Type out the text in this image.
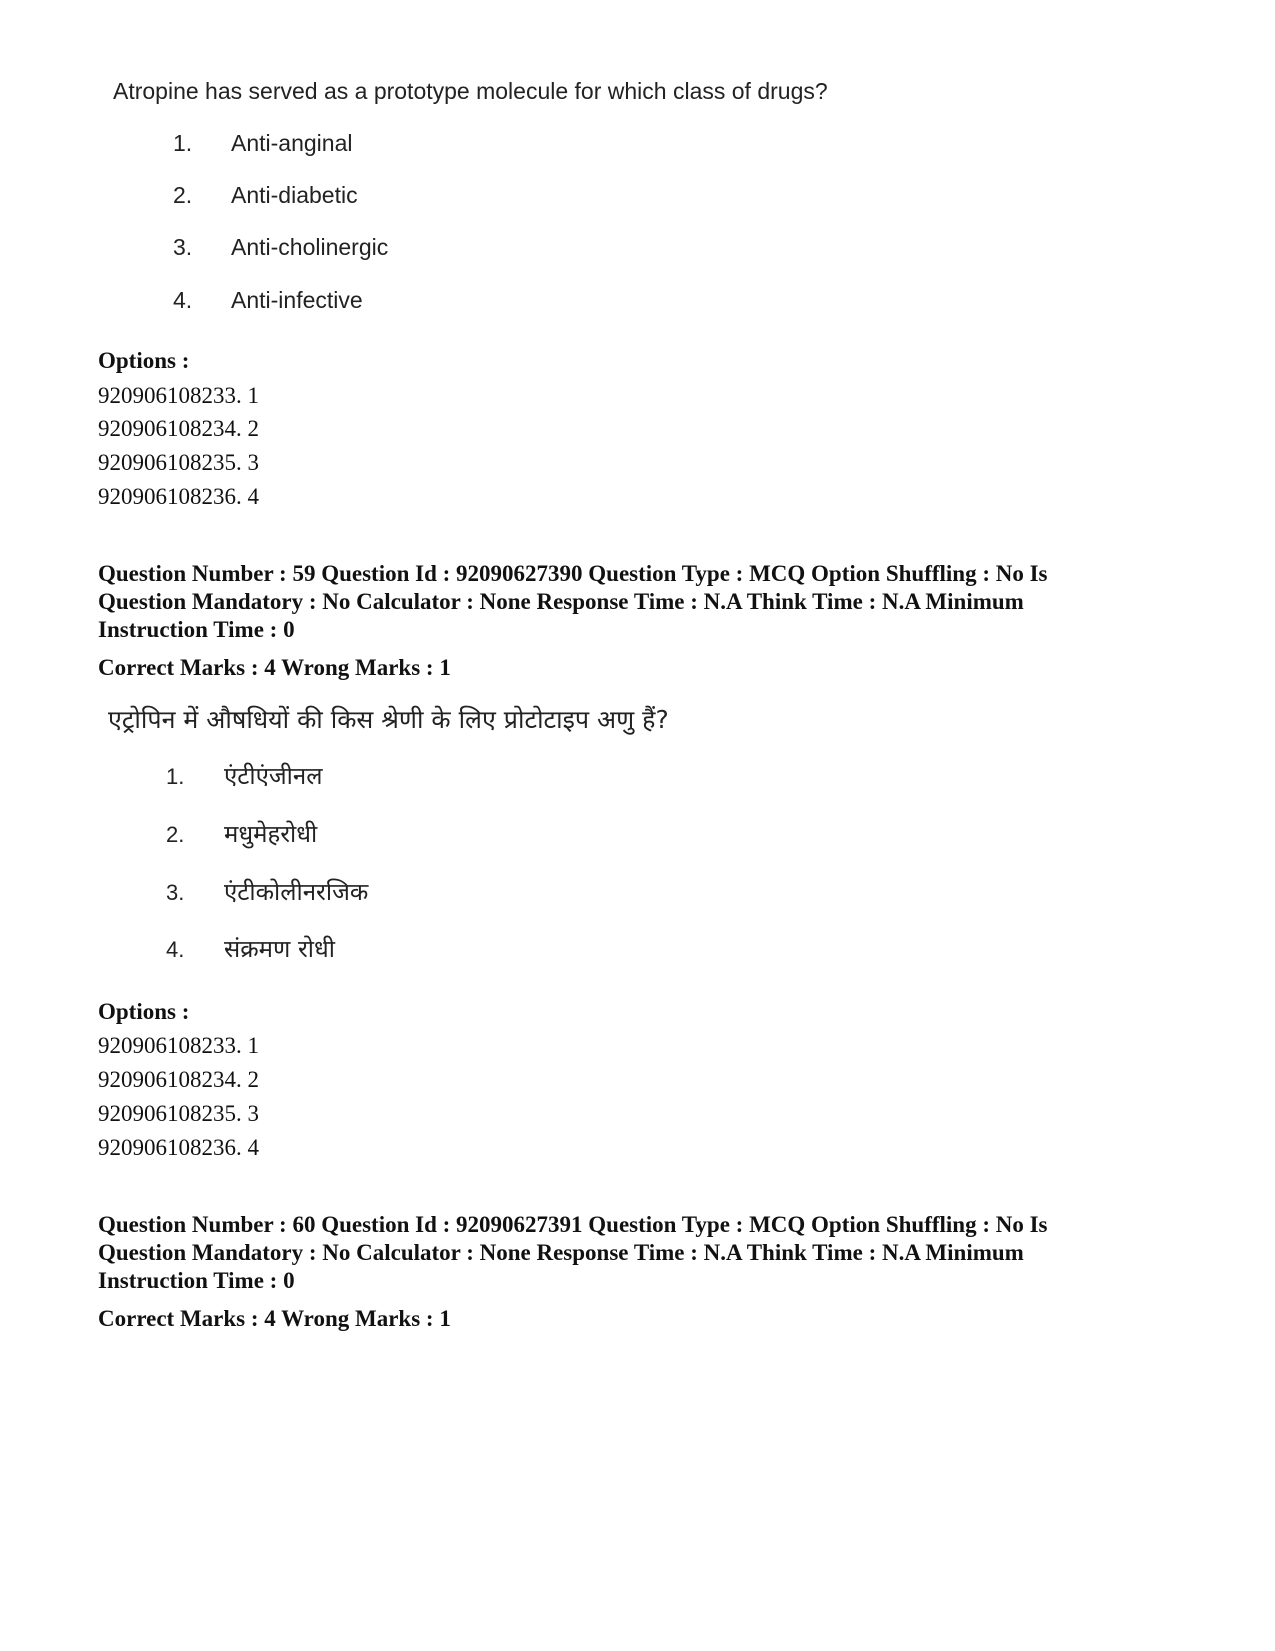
Atropine has served as a prototype molecule for which class of drugs?
1. Anti-anginal
2. Anti-diabetic
3. Anti-cholinergic
4. Anti-infective
Options :
920906108233. 1
920906108234. 2
920906108235. 3
920906108236. 4
Question Number : 59 Question Id : 92090627390 Question Type : MCQ Option Shuffling : No Is
Question Mandatory : No Calculator : None Response Time : N.A Think Time : N.A Minimum
Instruction Time : 0
Correct Marks : 4 Wrong Marks : 1
एट्रोपिन में औषधियों की किस श्रेणी के लिए प्रोटोटाइप अणु हैं?
1. एंटीएंजीनल
2. मधुमेहरोधी
3. एंटीकोलीनरजिक
4. संक्रमण रोधी
Options :
920906108233. 1
920906108234. 2
920906108235. 3
920906108236. 4
Question Number : 60 Question Id : 92090627391 Question Type : MCQ Option Shuffling : No Is
Question Mandatory : No Calculator : None Response Time : N.A Think Time : N.A Minimum
Instruction Time : 0
Correct Marks : 4 Wrong Marks : 1
